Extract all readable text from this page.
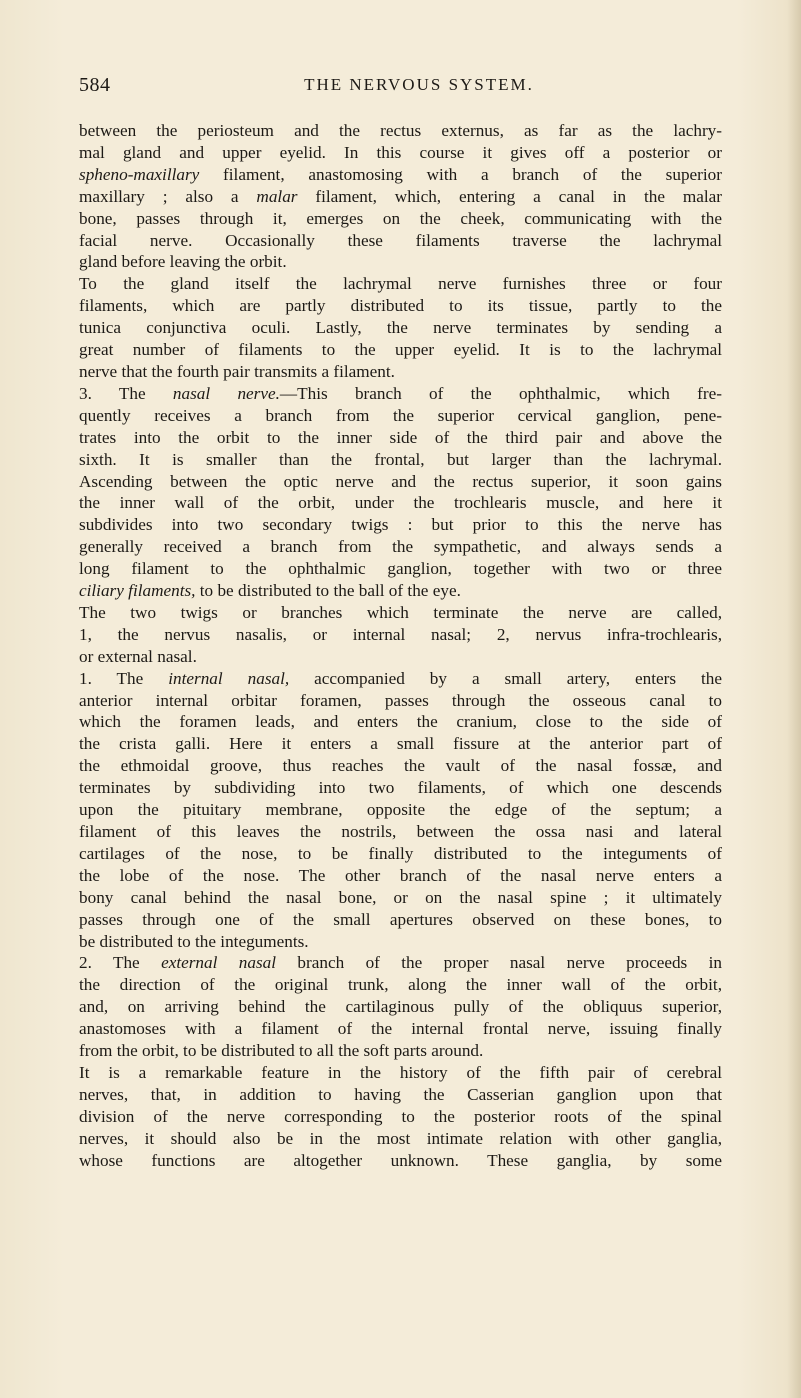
584	THE NERVOUS SYSTEM.
between the periosteum and the rectus externus, as far as the lachry-
mal gland and upper eyelid. In this course it gives off a posterior or
spheno-maxillary filament, anastomosing with a branch of the superior
maxillary ; also a malar filament, which, entering a canal in the malar
bone, passes through it, emerges on the cheek, communicating with the
facial nerve. Occasionally these filaments traverse the lachrymal
gland before leaving the orbit.
To the gland itself the lachrymal nerve furnishes three or four
filaments, which are partly distributed to its tissue, partly to the
tunica conjunctiva oculi. Lastly, the nerve terminates by sending a
great number of filaments to the upper eyelid. It is to the lachrymal
nerve that the fourth pair transmits a filament.
3. The nasal nerve.—This branch of the ophthalmic, which fre-
quently receives a branch from the superior cervical ganglion, pene-
trates into the orbit to the inner side of the third pair and above the
sixth. It is smaller than the frontal, but larger than the lachrymal.
Ascending between the optic nerve and the rectus superior, it soon gains
the inner wall of the orbit, under the trochlearis muscle, and here it
subdivides into two secondary twigs : but prior to this the nerve has
generally received a branch from the sympathetic, and always sends a
long filament to the ophthalmic ganglion, together with two or three
ciliary filaments, to be distributed to the ball of the eye.
The two twigs or branches which terminate the nerve are called,
1, the nervus nasalis, or internal nasal; 2, nervus infra-trochlearis,
or external nasal.
1. The internal nasal, accompanied by a small artery, enters the
anterior internal orbitar foramen, passes through the osseous canal to
which the foramen leads, and enters the cranium, close to the side of
the crista galli. Here it enters a small fissure at the anterior part of
the ethmoidal groove, thus reaches the vault of the nasal fossæ, and
terminates by subdividing into two filaments, of which one descends
upon the pituitary membrane, opposite the edge of the septum; a
filament of this leaves the nostrils, between the ossa nasi and lateral
cartilages of the nose, to be finally distributed to the integuments of
the lobe of the nose. The other branch of the nasal nerve enters a
bony canal behind the nasal bone, or on the nasal spine ; it ultimately
passes through one of the small apertures observed on these bones, to
be distributed to the integuments.
2. The external nasal branch of the proper nasal nerve proceeds in
the direction of the original trunk, along the inner wall of the orbit,
and, on arriving behind the cartilaginous pully of the obliquus superior,
anastomoses with a filament of the internal frontal nerve, issuing finally
from the orbit, to be distributed to all the soft parts around.
It is a remarkable feature in the history of the fifth pair of cerebral
nerves, that, in addition to having the Casserian ganglion upon that
division of the nerve corresponding to the posterior roots of the spinal
nerves, it should also be in the most intimate relation with other ganglia,
whose functions are altogether unknown. These ganglia, by some
